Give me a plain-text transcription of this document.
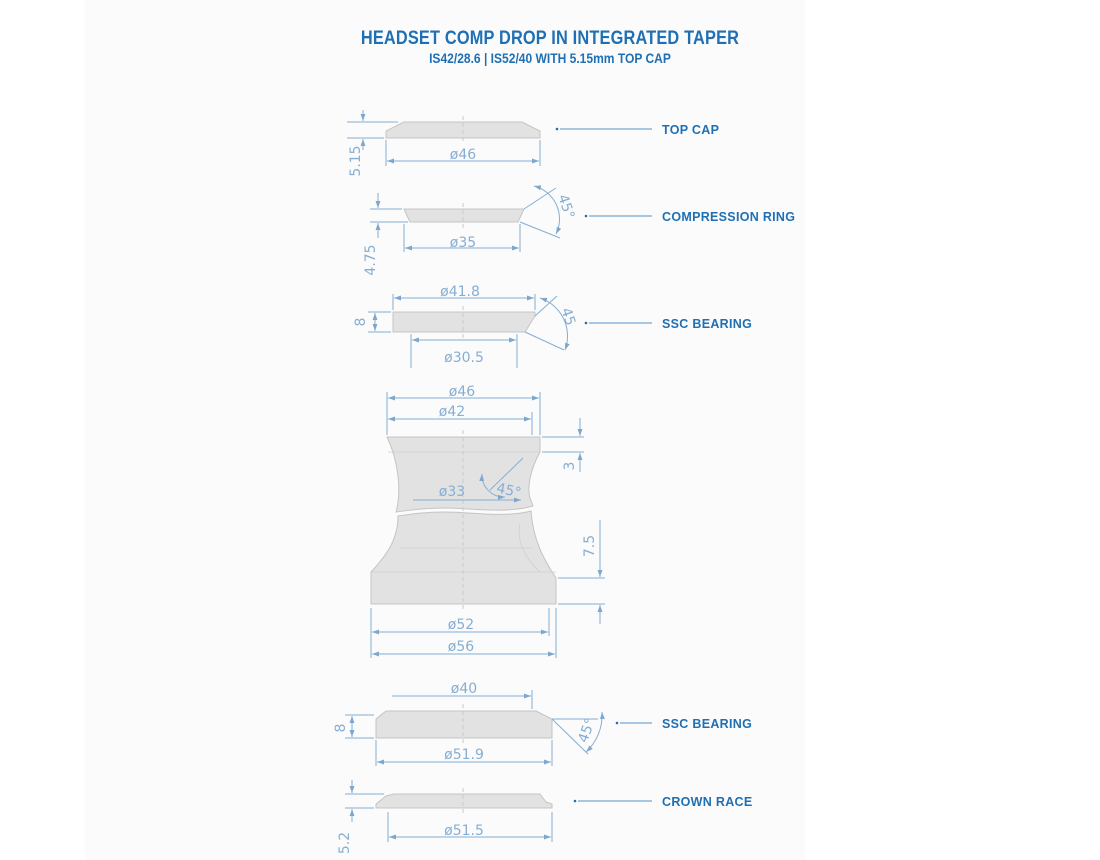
HEADSET COMP DROP IN INTEGRATED TAPER
IS42/28.6 | IS52/40 WITH 5.15mm TOP CAP
ø46
5.15
TOP CAP
ø35
4.75
45°	COMPRESSION RING
ø41.8
ø30.5
8	45	SSC BEARING
ø46
ø42
ø33 45°
3
7.5
ø52
ø56
ø40
ø51.9
8	45°	SSC BEARING
ø51.5
5.2
CROWN RACE
